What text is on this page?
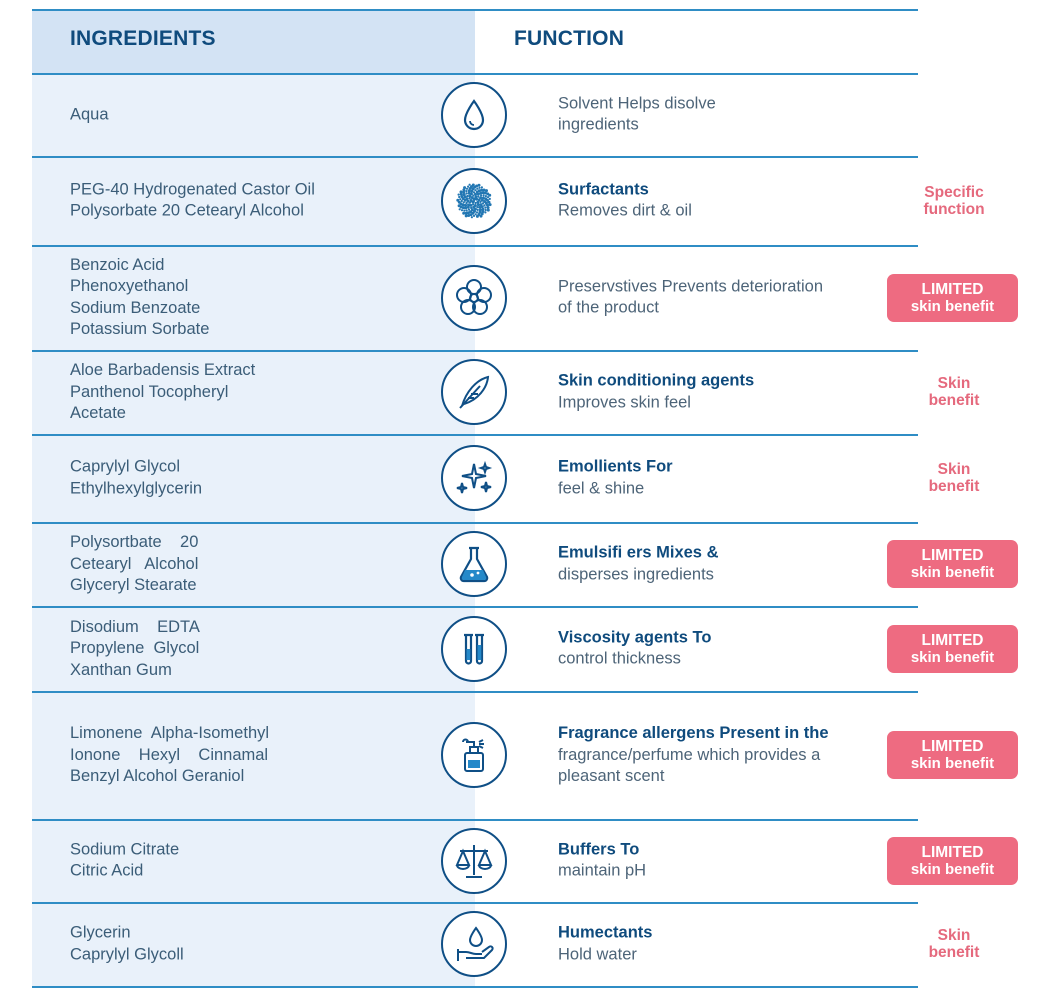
INGREDIENTS	FUNCTION
Aqua
Solvent Helps disolve
ingredients
PEG-40 Hydrogenated Castor Oil
Polysorbate 20 Cetearyl Alcohol
Surfactants
Removes dirt & oil
Specific
function
Benzoic Acid
Phenoxyethanol
Sodium Benzoate
Potassium Sorbate
Preservstives Prevents deterioration
of the product
LIMITED
skin benefit
Aloe Barbadensis Extract
Panthenol Tocopheryl
Acetate
Skin conditioning agents
Improves skin feel
Skin
benefit
Caprylyl Glycol
Ethylhexylglycerin
Emollients For
feel & shine
Skin
benefit
Polysortbate    20
Cetearyl   Alcohol
Glyceryl Stearate
Emulsifi ers Mixes &
disperses ingredients
LIMITED
skin benefit
Disodium    EDTA
Propylene  Glycol
Xanthan Gum
Viscosity agents To
control thickness
LIMITED
skin benefit
Limonene  Alpha-Isomethyl
Ionone    Hexyl    Cinnamal
Benzyl Alcohol Geraniol
Fragrance allergens Present in the
fragrance/perfume which provides a
pleasant scent
LIMITED
skin benefit
Sodium Citrate
Citric Acid
Buffers To
maintain pH
LIMITED
skin benefit
Glycerin
Caprylyl Glycoll
Humectants
Hold water
Skin
benefit
